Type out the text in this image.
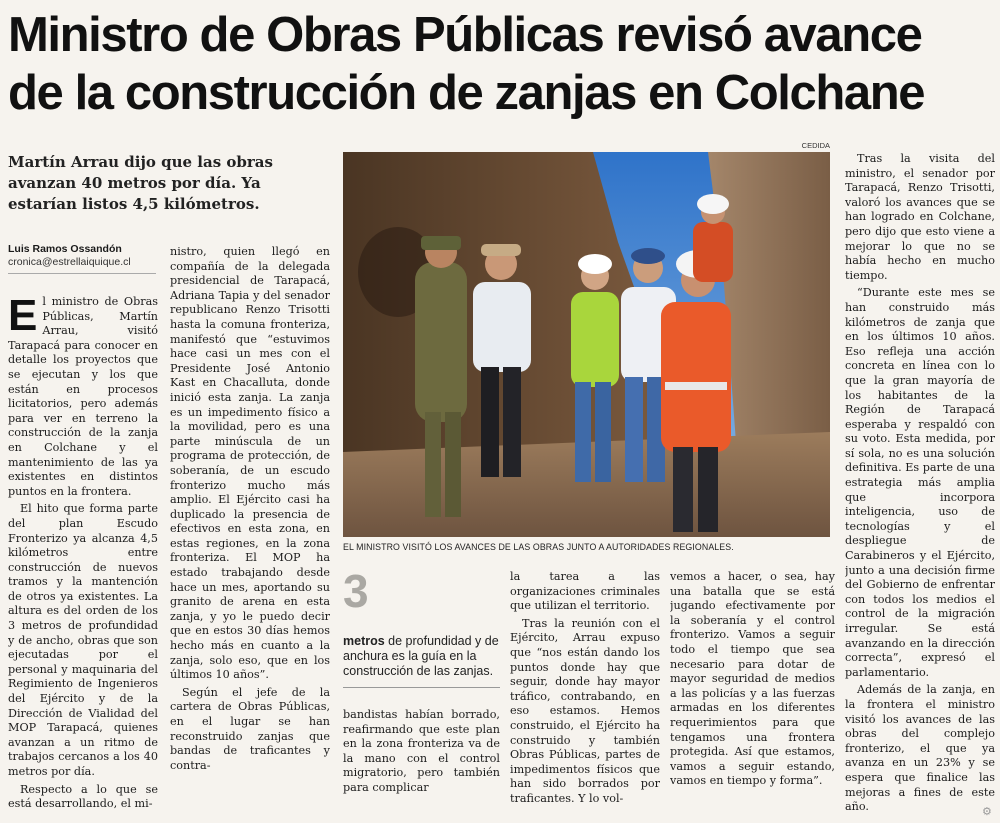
Ministro de Obras Públicas revisó avance
de la construcción de zanjas en Colchane
Martín Arrau dijo que las obras avanzan 40 metros por día. Ya estarían listos 4,5 kilómetros.
Luis Ramos Ossandón
cronica@estrellaiquique.cl

El ministro de Obras Públicas, Martín Arrau, visitó Tarapacá para conocer en detalle los proyectos que se ejecutan y los que están en procesos licitatorios, pero además para ver en terreno la construcción de la zanja en Colchane y el mantenimiento de las ya existentes en distintos puntos en la frontera.

El hito que forma parte del plan Escudo Fronterizo ya alcanza 4,5 kilómetros entre construcción de nuevos tramos y la mantención de otros ya existentes. La altura es del orden de los 3 metros de profundidad y de ancho, obras que son ejecutadas por el personal y maquinaria del Regimiento de Ingenieros del Ejército y de la Dirección de Vialidad del MOP Tarapacá, quienes avanzan a un ritmo de trabajos cercanos a los 40 metros por día.

Respecto a lo que se está desarrollando, el mi-

nistro, quien llegó en compañía de la delegada presidencial de Tarapacá, Adriana Tapia y del senador republicano Renzo Trisotti hasta la comuna fronteriza, manifestó que “estuvimos hace casi un mes con el Presidente José Antonio Kast en Chacalluta, donde inició esta zanja. La zanja es un impedimento físico a la movilidad, pero es una parte minúscula de un programa de protección, de soberanía, de un escudo fronterizo mucho más amplio. El Ejército casi ha duplicado la presencia de efectivos en esta zona, en estas regiones, en la zona fronteriza. El MOP ha estado trabajando desde hace un mes, aportando su granito de arena en esta zanja, y yo le puedo decir que en estos 30 días hemos hecho más en cuanto a la zanja, solo eso, que en los últimos 10 años”.

Según el jefe de la cartera de Obras Públicas, en el lugar se han reconstruido zanjas que bandas de traficantes y contra-

CEDIDA
EL MINISTRO VISITÓ LOS AVANCES DE LAS OBRAS JUNTO A AUTORIDADES REGIONALES.
3
metros de profundidad y de anchura es la guía en la construcción de las zanjas.

bandistas habían borrado, reafirmando que este plan en la zona fronteriza va de la mano con el control migratorio, pero también para complicar

la tarea a las organizaciones criminales que utilizan el territorio.

Tras la reunión con el Ejército, Arrau expuso que “nos están dando los puntos donde hay que seguir, donde hay mayor tráfico, contrabando, en eso estamos. Hemos construido, el Ejército ha construido y también Obras Públicas, partes de impedimentos físicos que han sido borrados por traficantes. Y lo vol-

vemos a hacer, o sea, hay una batalla que se está jugando efectivamente por la soberanía y el control fronterizo. Vamos a seguir todo el tiempo que sea necesario para dotar de mayor seguridad de medios a las policías y a las fuerzas armadas en los diferentes requerimientos para que tengamos una frontera protegida. Así que estamos, vamos a seguir estando, vamos en tiempo y forma”.

Tras la visita del ministro, el senador por Tarapacá, Renzo Trisotti, valoró los avances que se han logrado en Colchane, pero dijo que esto viene a mejorar lo que no se había hecho en mucho tiempo.

“Durante este mes se han construido más kilómetros de zanja que en los últimos 10 años. Eso refleja una acción concreta en línea con lo que la gran mayoría de los habitantes de la Región de Tarapacá esperaba y respaldó con su voto. Esta medida, por sí sola, no es una solución definitiva. Es parte de una estrategia más amplia que incorpora inteligencia, uso de tecnologías y el despliegue de Carabineros y el Ejército, junto a una decisión firme del Gobierno de enfrentar con todos los medios el control de la migración irregular. Se está avanzando en la dirección correcta”, expresó el parlamentario.

Además de la zanja, en la frontera el ministro visitó los avances de las obras del complejo fronterizo, el que ya avanza en un 23% y se espera que finalice las mejoras a fines de este año.	⚙
